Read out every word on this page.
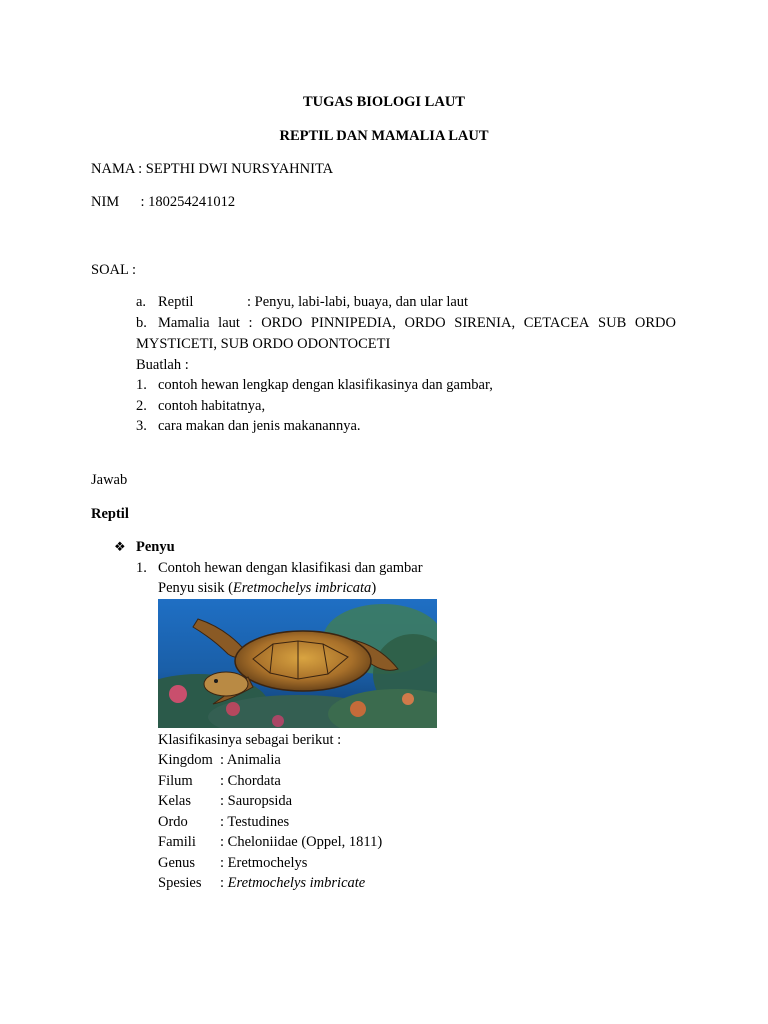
TUGAS BIOLOGI LAUT
REPTIL DAN MAMALIA LAUT
NAMA : SEPTHI DWI NURSYAHNITA
NIM : 180254241012
SOAL :
a. Reptil	: Penyu, labi-labi, buaya, dan ular laut
b. Mamalia laut : ORDO PINNIPEDIA, ORDO SIRENIA, CETACEA SUB ORDO
MYSTICETI, SUB ORDO ODONTOCETI
Buatlah :
1. contoh hewan lengkap dengan klasifikasinya dan gambar,
2. contoh habitatnya,
3. cara makan dan jenis makanannya.
Jawab
Reptil
❖ Penyu
1. Contoh hewan dengan klasifikasi dan gambar
Penyu sisik (Eretmochelys imbricata)
Klasifikasinya sebagai berikut :
Kingdom : Animalia
Filum : Chordata
Kelas : Sauropsida
Ordo : Testudines
Famili : Cheloniidae (Oppel, 1811)
Genus : Eretmochelys
Spesies : Eretmochelys imbricate
